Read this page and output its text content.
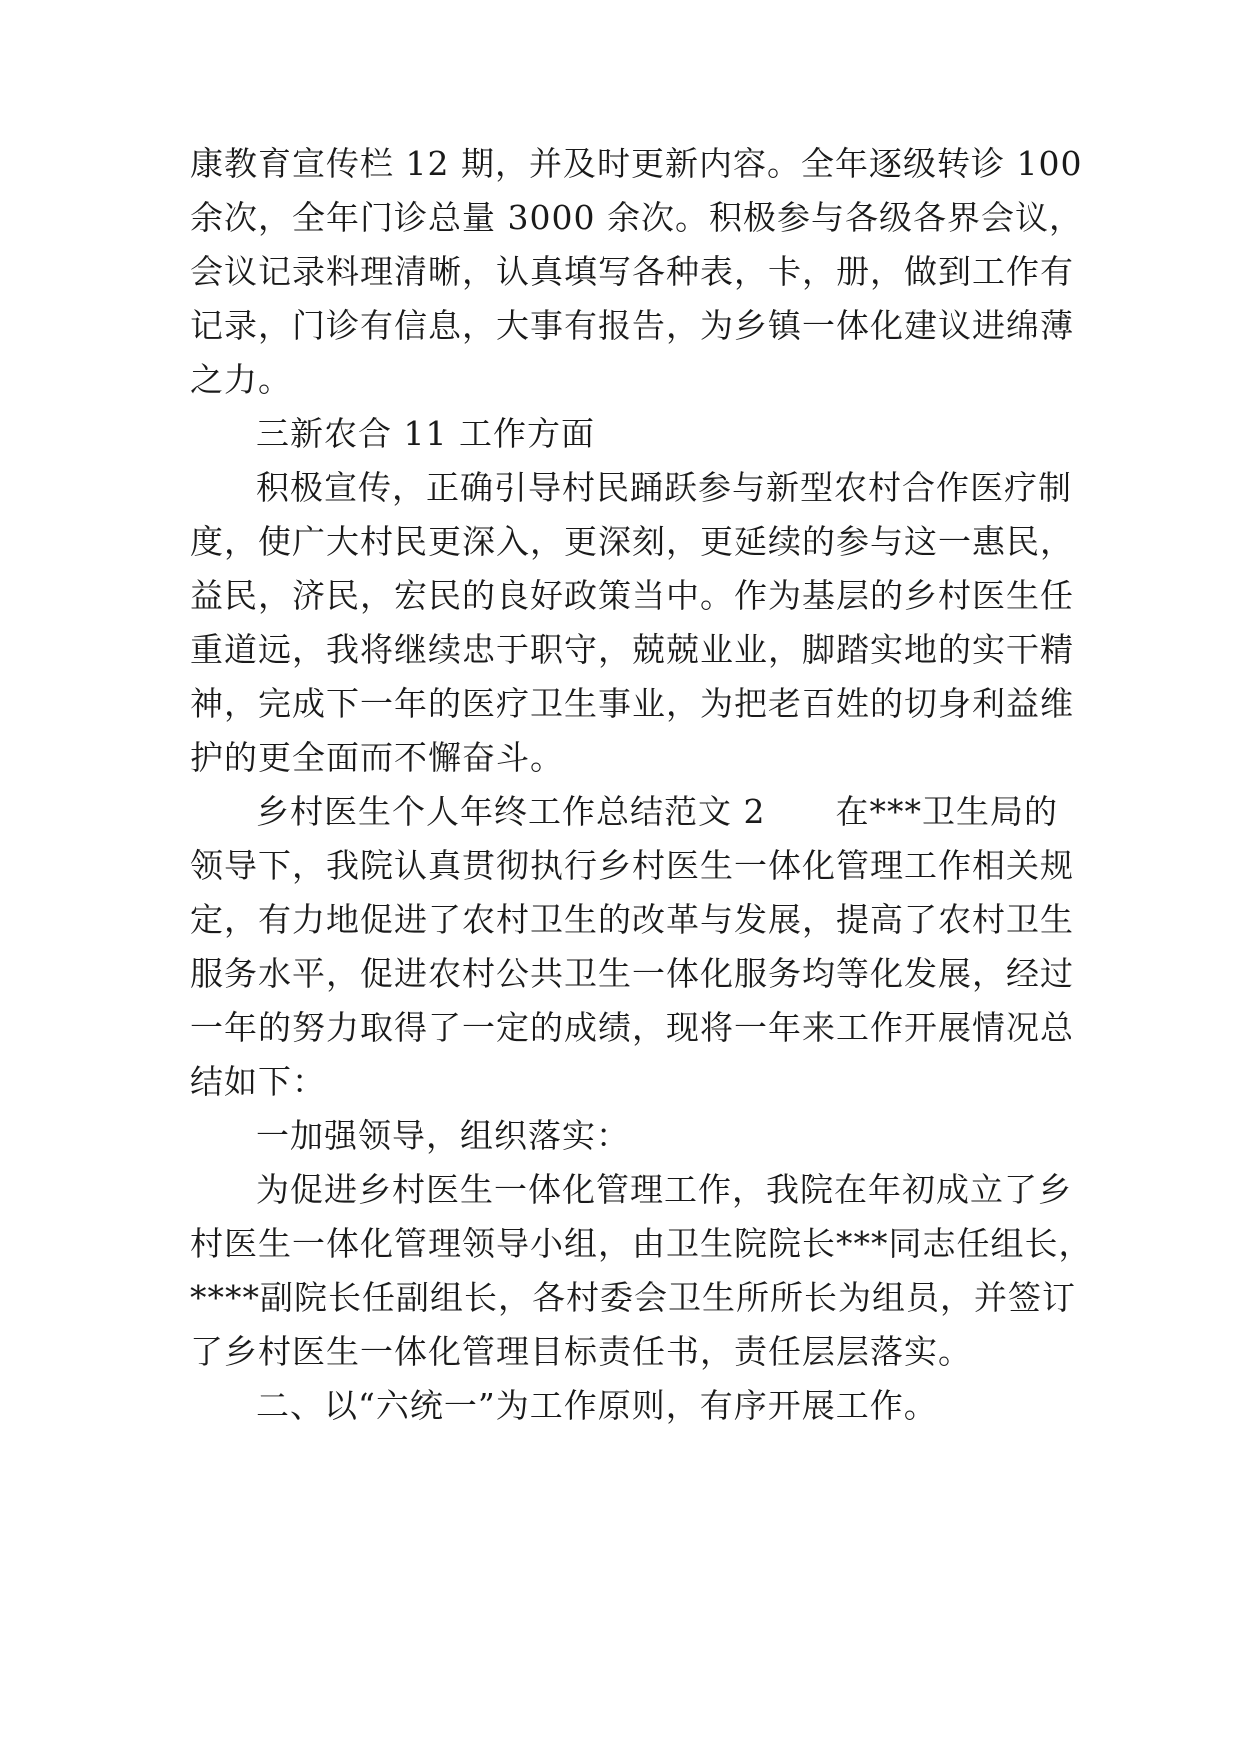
康教育宣传栏 12 期，并及时更新内容。全年逐级转诊 100
余次，全年门诊总量 3000 余次。积极参与各级各界会议，
会议记录料理清晰，认真填写各种表，卡，册，做到工作有
记录，门诊有信息，大事有报告，为乡镇一体化建议进绵薄
之力。
三新农合 11 工作方面
积极宣传，正确引导村民踊跃参与新型农村合作医疗制
度，使广大村民更深入，更深刻，更延续的参与这一惠民，
益民，济民，宏民的良好政策当中。作为基层的乡村医生任
重道远，我将继续忠于职守，兢兢业业，脚踏实地的实干精
神，完成下一年的医疗卫生事业，为把老百姓的切身利益维
护的更全面而不懈奋斗。
乡村医生个人年终工作总结范文 2 在***卫生局的
领导下，我院认真贯彻执行乡村医生一体化管理工作相关规
定，有力地促进了农村卫生的改革与发展，提高了农村卫生
服务水平，促进农村公共卫生一体化服务均等化发展，经过
一年的努力取得了一定的成绩，现将一年来工作开展情况总
结如下：
一加强领导，组织落实：
为促进乡村医生一体化管理工作，我院在年初成立了乡
村医生一体化管理领导小组，由卫生院院长***同志任组长，
****副院长任副组长，各村委会卫生所所长为组员，并签订
了乡村医生一体化管理目标责任书，责任层层落实。
二、以“六统一”为工作原则，有序开展工作。
